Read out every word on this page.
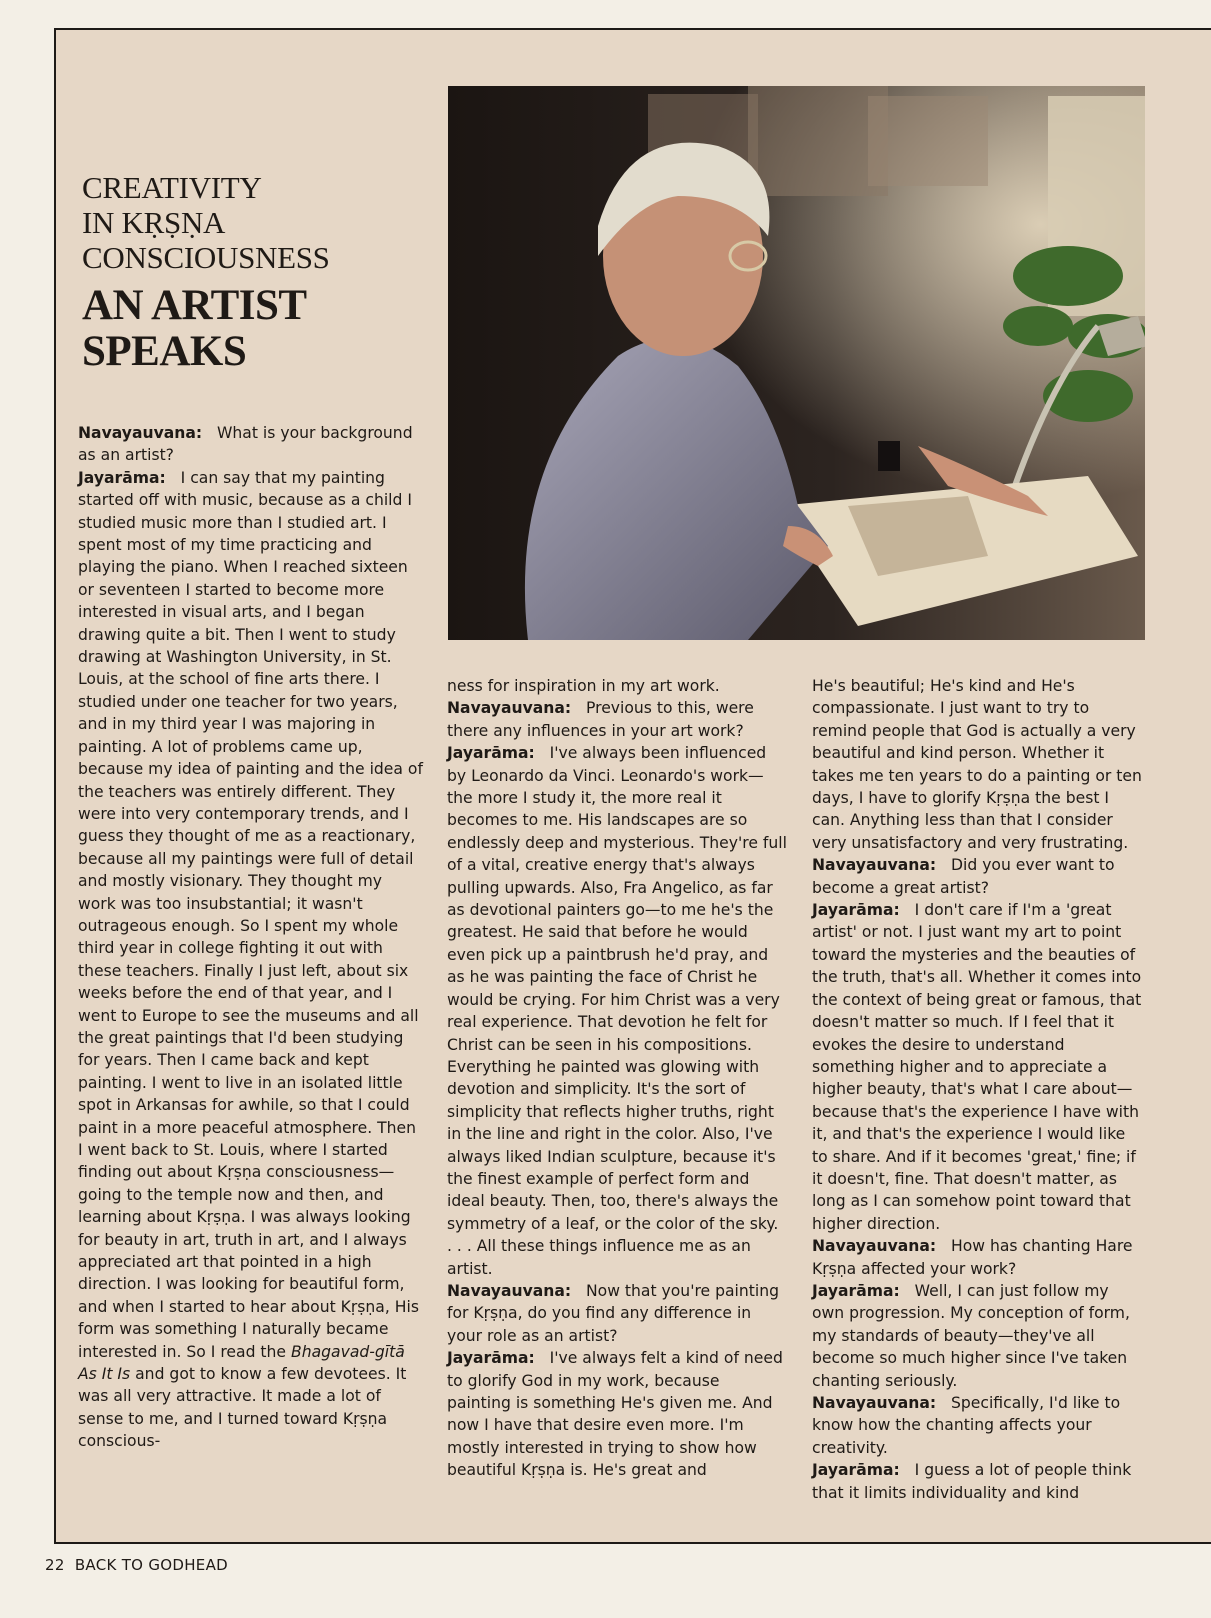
CREATIVITY

IN KṚṢṆA

CONSCIOUSNESS

AN ARTIST

SPEAKS

Navayauvana: What is your background as an artist?

Jayarāma: I can say that my painting started off with music, because as a child I studied music more than I studied art. I spent most of my time practicing and playing the piano. When I reached sixteen or seventeen I started to become more interested in visual arts, and I began drawing quite a bit. Then I went to study drawing at Washington University, in St. Louis, at the school of fine arts there. I studied under one teacher for two years, and in my third year I was majoring in painting. A lot of problems came up, because my idea of painting and the idea of the teachers was entirely different. They were into very contemporary trends, and I guess they thought of me as a reactionary, because all my paintings were full of detail and mostly visionary. They thought my work was too insubstantial; it wasn't outrageous enough. So I spent my whole third year in college fighting it out with these teachers. Finally I just left, about six weeks before the end of that year, and I went to Europe to see the museums and all the great paintings that I'd been studying for years. Then I came back and kept painting. I went to live in an isolated little spot in Arkansas for awhile, so that I could paint in a more peaceful atmosphere. Then I went back to St. Louis, where I started finding out about Kṛṣṇa consciousness—going to the temple now and then, and learning about Kṛṣṇa. I was always looking for beauty in art, truth in art, and I always appreciated art that pointed in a high direction. I was looking for beautiful form, and when I started to hear about Kṛṣṇa, His form was something I naturally became interested in. So I read the Bhagavad-gītā As It Is and got to know a few devotees. It was all very attractive. It made a lot of sense to me, and I turned toward Kṛṣṇa conscious-

ness for inspiration in my art work.

Navayauvana: Previous to this, were there any influences in your art work?

Jayarāma: I've always been influenced by Leonardo da Vinci. Leonardo's work—the more I study it, the more real it becomes to me. His landscapes are so endlessly deep and mysterious. They're full of a vital, creative energy that's always pulling upwards. Also, Fra Angelico, as far as devotional painters go—to me he's the greatest. He said that before he would even pick up a paintbrush he'd pray, and as he was painting the face of Christ he would be crying. For him Christ was a very real experience. That devotion he felt for Christ can be seen in his compositions. Everything he painted was glowing with devotion and simplicity. It's the sort of simplicity that reflects higher truths, right in the line and right in the color. Also, I've always liked Indian sculpture, because it's the finest example of perfect form and ideal beauty. Then, too, there's always the symmetry of a leaf, or the color of the sky. . . . All these things influence me as an artist.

Navayauvana: Now that you're painting for Kṛṣṇa, do you find any difference in your role as an artist?

Jayarāma: I've always felt a kind of need to glorify God in my work, because painting is something He's given me. And now I have that desire even more. I'm mostly interested in trying to show how beautiful Kṛṣṇa is. He's great and

He's beautiful; He's kind and He's compassionate. I just want to try to remind people that God is actually a very beautiful and kind person. Whether it takes me ten years to do a painting or ten days, I have to glorify Kṛṣṇa the best I can. Anything less than that I consider very unsatisfactory and very frustrating.

Navayauvana: Did you ever want to become a great artist?

Jayarāma: I don't care if I'm a 'great artist' or not. I just want my art to point toward the mysteries and the beauties of the truth, that's all. Whether it comes into the context of being great or famous, that doesn't matter so much. If I feel that it evokes the desire to understand something higher and to appreciate a higher beauty, that's what I care about—because that's the experience I have with it, and that's the experience I would like to share. And if it becomes 'great,' fine; if it doesn't, fine. That doesn't matter, as long as I can somehow point toward that higher direction.

Navayauvana: How has chanting Hare Kṛṣṇa affected your work?

Jayarāma: Well, I can just follow my own progression. My conception of form, my standards of beauty—they've all become so much higher since I've taken chanting seriously.

Navayauvana: Specifically, I'd like to know how the chanting affects your creativity.

Jayarāma: I guess a lot of people think that it limits individuality and kind

22 BACK TO GODHEAD
